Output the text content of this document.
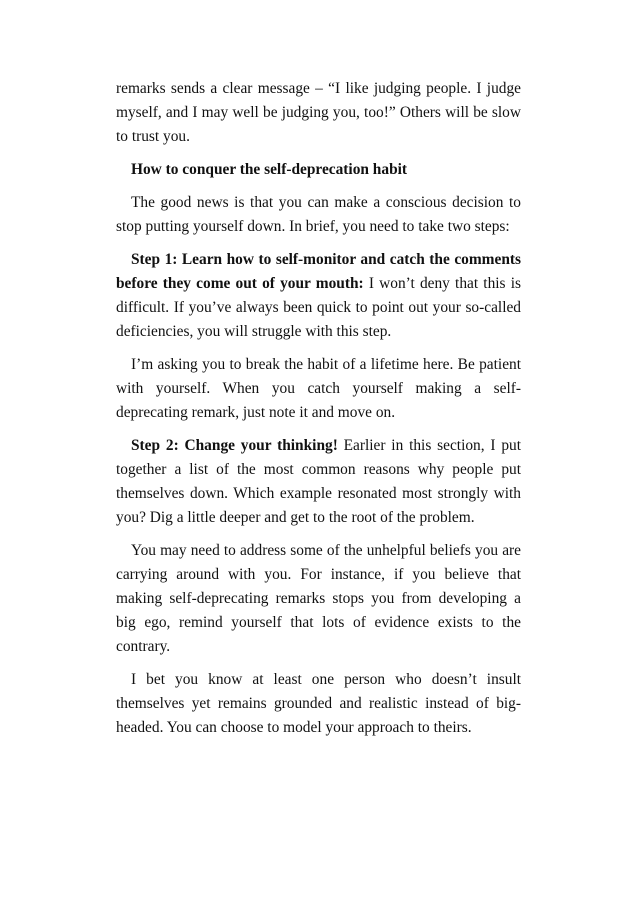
remarks sends a clear message – “I like judging people. I judge myself, and I may well be judging you, too!” Others will be slow to trust you.

How to conquer the self-deprecation habit

The good news is that you can make a conscious decision to stop putting yourself down. In brief, you need to take two steps:

Step 1: Learn how to self-monitor and catch the comments before they come out of your mouth: I won’t deny that this is difficult. If you’ve always been quick to point out your so-called deficiencies, you will struggle with this step.

I’m asking you to break the habit of a lifetime here. Be patient with yourself. When you catch yourself making a self-deprecating remark, just note it and move on.

Step 2: Change your thinking! Earlier in this section, I put together a list of the most common reasons why people put themselves down. Which example resonated most strongly with you? Dig a little deeper and get to the root of the problem.

You may need to address some of the unhelpful beliefs you are carrying around with you. For instance, if you believe that making self-deprecating remarks stops you from developing a big ego, remind yourself that lots of evidence exists to the contrary.

I bet you know at least one person who doesn’t insult themselves yet remains grounded and realistic instead of big-headed. You can choose to model your approach to theirs.
